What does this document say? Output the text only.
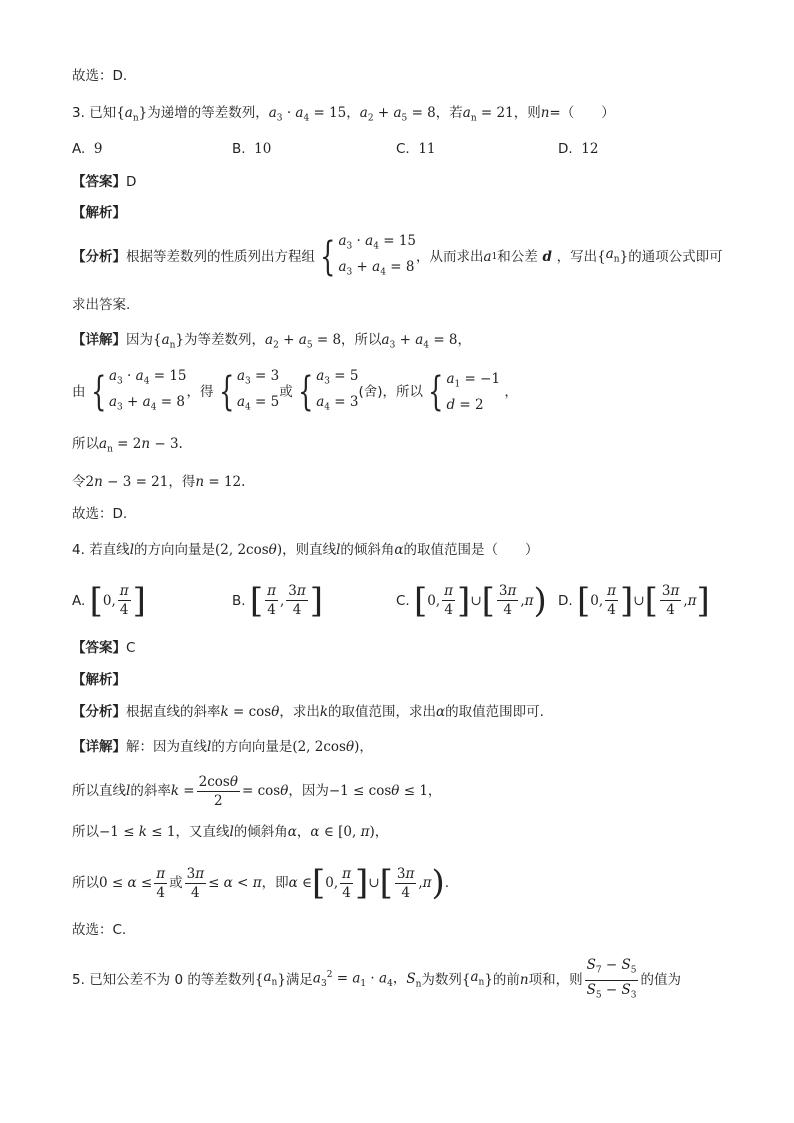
故选：D.
3. 已知$\{a_n\}$为递增的等差数列，$a_3 \cdot a_4 = 15$，$a_2 + a_5 = 8$，若$a_n = 21$，则n=（　　）
A. 9	B. 10	C. 11	D. 12
【答案】D
【解析】
【分析】 根据等差数列的性质列出方程组 { $a_3 \cdot a_4 = 15$
$a_3 + a_4 = 8$
，从而求出 a 1 和公差 d ，写出 { $a_n$ } 的通项公式即可
求出答案.
【详解】因为$\{a_n\}$为等差数列，$a_2 + a_5 = 8$，所以$a_3 + a_4 = 8$，
由 { $a_3 \cdot a_4 = 15$
$a_3 + a_4 = 8$
，得 { $a_3 = 3$
$a_4 = 5$
或 { $a_3 = 5$
$a_4 = 3$
(舍)，所以 { $a_1 = -1$
d = 2
，
所以$a_n = 2n - 3$.
令2n − 3 = 21，得n = 12.
故选：D.
4. 若直线l的方向向量是(2, 2cosθ)，则直线l的倾斜角α的取值范围是（　　）
A.
[ 0, $\frac{\pi}{4}$ ]	B.
[ $\frac{\pi}{4}$ , $\frac{3\pi}{4}$ ]	C.
[ 0, $\frac{\pi}{4}$ ] ∪ [ $\frac{3\pi}{4}$ , π ) D.
[ 0, $\frac{\pi}{4}$ ] ∪ [ $\frac{3\pi}{4}$ , π ]
【答案】C
【解析】
【分析】根据直线的斜率k = cosθ，求出k的取值范围，求出α的取值范围即可.
【详解】解：因为直线l的方向向量是(2, 2cosθ)，
所以直线 l 的斜率 $k = \frac{2\cos\theta}{2} = \cos\theta$ ，因为 −1 ≤ cosθ ≤ 1，
所以−1 ≤ k ≤ 1，又直线l的倾斜角α，α ∈ [0, π)，
所以 $0 \le \alpha \le \frac{\pi}{4}$ 或 $\frac{3\pi}{4} \le \alpha < \pi$ ，即 α ∈ [ 0, $\frac{\pi}{4}$ ] ∪ [ $\frac{3\pi}{4}$ , π ) .
故选：C.
5.
已知公差不为 0 的等差数列 { $a_n$ } 满足 $a_3^2 = a_1 \cdot a_4$，$S_n$ 为数列 { $a_n$ } 的前 n 项和，则 $\frac{S_7 - S_5}{S_5 - S_3}$ 的值为
